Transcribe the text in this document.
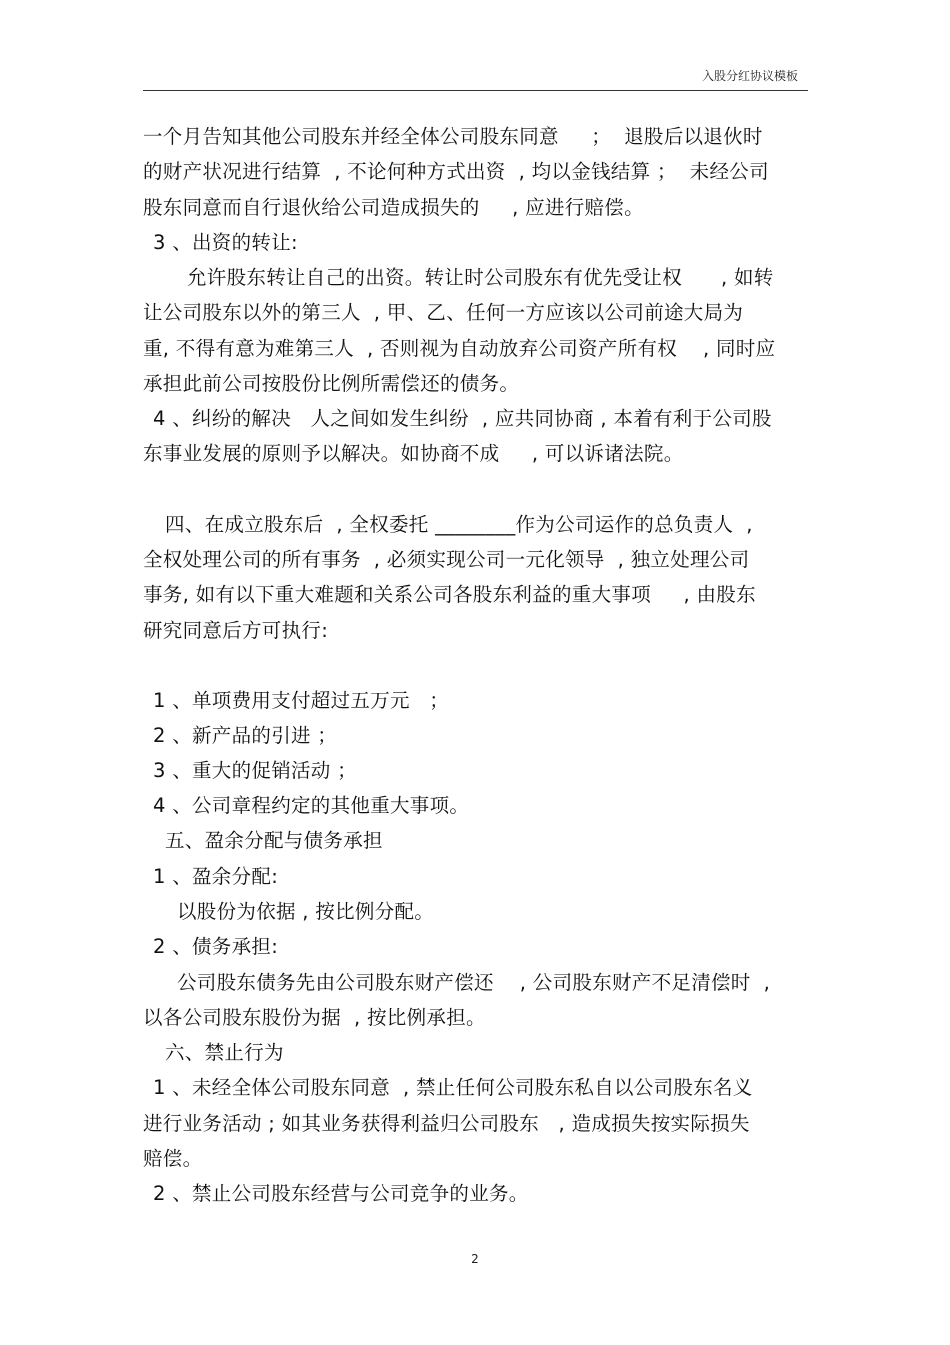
入股分红协议模板
一个月告知其他公司股东并经全体公司股东同意     ；  退股后以退伙时
的财产状况进行结算  , 不论何种方式出资  , 均以金钱结算 ；  未经公司
股东同意而自行退伙给公司造成损失的     , 应进行赔偿。
3 、出资的转让:
允许股东转让自己的出资。转让时公司股东有优先受让权      , 如转
让公司股东以外的第三人  , 甲、乙、任何一方应该以公司前途大局为
重, 不得有意为难第三人  , 否则视为自动放弃公司资产所有权    , 同时应
承担此前公司按股份比例所需偿还的债务。
4 、纠纷的解决   人之间如发生纠纷  , 应共同协商 , 本着有利于公司股
东事业发展的原则予以解决。如协商不成     , 可以诉诸法院。
四、在成立股东后  , 全权委托 ________作为公司运作的总负责人  ,
全权处理公司的所有事务  , 必须实现公司一元化领导  , 独立处理公司
事务, 如有以下重大难题和关系公司各股东利益的重大事项     , 由股东
研究同意后方可执行:
1 、单项费用支付超过五万元   ；
2 、新产品的引进 ；
3 、重大的促销活动 ；
4 、公司章程约定的其他重大事项。
五、盈余分配与债务承担
1 、盈余分配:
以股份为依据 , 按比例分配。
2 、债务承担:
公司股东债务先由公司股东财产偿还    , 公司股东财产不足清偿时  ,
以各公司股东股份为据  , 按比例承担。
六、禁止行为
1 、未经全体公司股东同意  , 禁止任何公司股东私自以公司股东名义
进行业务活动 ; 如其业务获得利益归公司股东   , 造成损失按实际损失
赔偿。
2 、禁止公司股东经营与公司竞争的业务。
2
